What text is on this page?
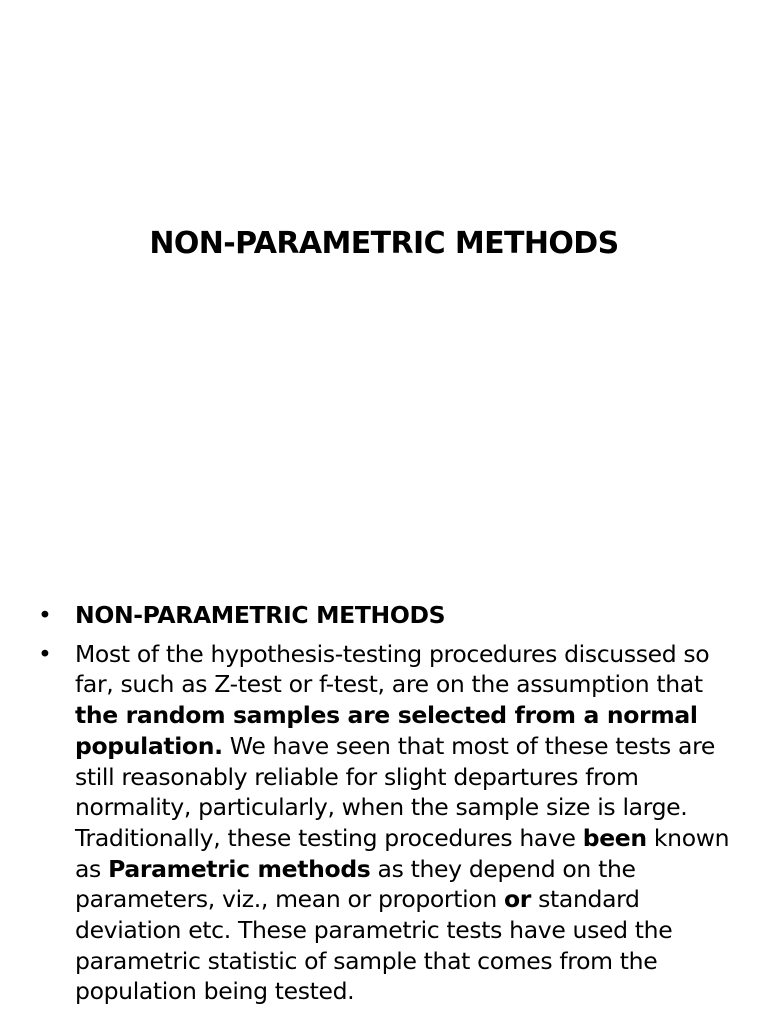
NON-PARAMETRIC METHODS
• NON-PARAMETRIC METHODS
• Most of the hypothesis-testing procedures discussed so far, such as Z-test or f-test, are on the assumption that the random samples are selected from a normal population. We have seen that most of these tests are still reasonably reliable for slight departures from normality, particularly, when the sample size is large. Traditionally, these testing procedures have been known as Parametric methods as they depend on the parameters, viz., mean or proportion or standard deviation etc. These parametric tests have used the parametric statistic of sample that comes from the population being tested.
